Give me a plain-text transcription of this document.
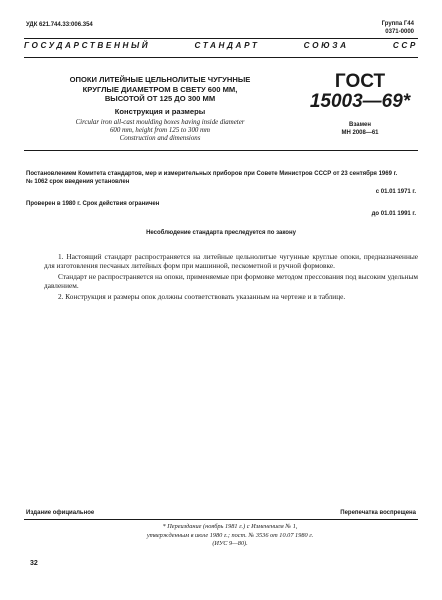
УДК 621.744.33:006.354	Группа Г44
0371-0000
ГОСУДАРСТВЕННЫЙ	СТАНДАРТ	СОЮЗА	ССР
ОПОКИ ЛИТЕЙНЫЕ ЦЕЛЬНОЛИТЫЕ ЧУГУННЫЕ
КРУГЛЫЕ ДИАМЕТРОМ В СВЕТУ 600 ММ,
ВЫСОТОЙ ОТ 125 ДО 300 ММ
Конструкция и размеры
Circular iron all-cast moulding boxes having inside diameter
600 mm, height from 125 to 300 mm
Construction and dimensions
ГОСТ
15003—69*
Взамен
МН 2008—61
Постановлением Комитета стандартов, мер и измерительных приборов при Совете Министров СССР от 23 сентября 1969 г.
№ 1062 срок введения установлен
с 01.01 1971 г.
Проверен в 1980 г. Срок действия ограничен
до 01.01 1991 г.
Несоблюдение стандарта преследуется по закону

1. Настоящий стандарт распространяется на литейные цельнолитые чугунные круглые опоки, предназначенные для изготовления песчаных литейных форм при машинной, пескометной и ручной формовке.

Стандарт не распространяется на опоки, применяемые при формовке методом прессования под высоким удельным давлением.

2. Конструкция и размеры опок должны соответствовать указанным на чертеже и в таблице.

Издание официальное	Перепечатка воспрещена
* Переиздание (ноябрь 1981 г.) с Изменением № 1,
утвержденным в июле 1980 г.; пост. № 3536 от 10.07 1980 г.
(ИУС 9—80).
32
